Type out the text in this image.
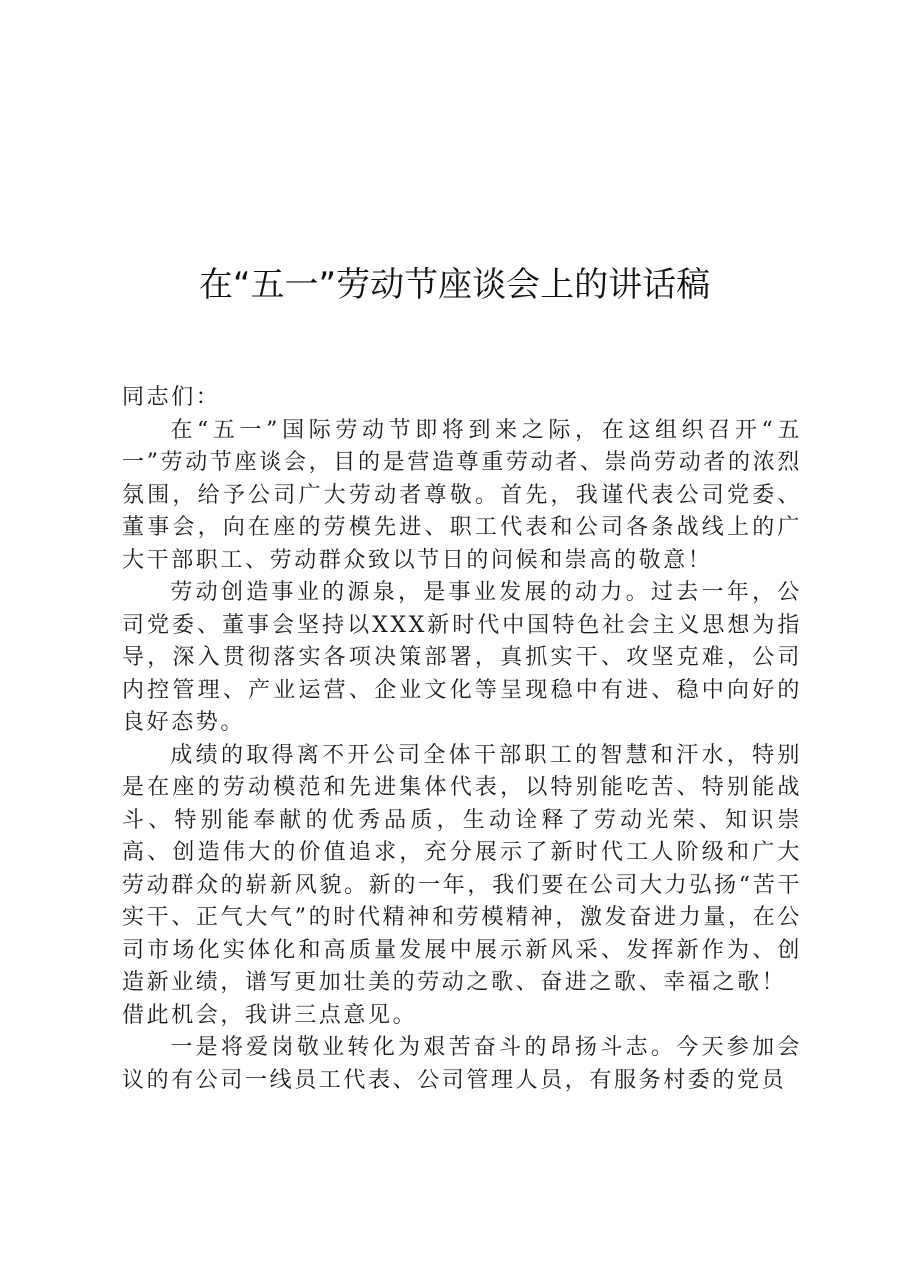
在“五一”劳动节座谈会上的讲话稿

同志们：

在“五一”国际劳动节即将到来之际，在这组织召开“五一”劳动节座谈会，目的是营造尊重劳动者、崇尚劳动者的浓烈氛围，给予公司广大劳动者尊敬。首先，我谨代表公司党委、董事会，向在座的劳模先进、职工代表和公司各条战线上的广大干部职工、劳动群众致以节日的问候和崇高的敬意！

劳动创造事业的源泉，是事业发展的动力。过去一年，公司党委、董事会坚持以XXX新时代中国特色社会主义思想为指导，深入贯彻落实各项决策部署，真抓实干、攻坚克难，公司内控管理、产业运营、企业文化等呈现稳中有进、稳中向好的良好态势。

成绩的取得离不开公司全体干部职工的智慧和汗水，特别是在座的劳动模范和先进集体代表，以特别能吃苦、特别能战斗、特别能奉献的优秀品质，生动诠释了劳动光荣、知识崇高、创造伟大的价值追求，充分展示了新时代工人阶级和广大劳动群众的崭新风貌。新的一年，我们要在公司大力弘扬“苦干实干、正气大气”的时代精神和劳模精神，激发奋进力量，在公司市场化实体化和高质量发展中展示新风采、发挥新作为、创造新业绩，谱写更加壮美的劳动之歌、奋进之歌、幸福之歌！

借此机会，我讲三点意见。

一是将爱岗敬业转化为艰苦奋斗的昂扬斗志。今天参加会议的有公司一线员工代表、公司管理人员，有服务村委的党员
